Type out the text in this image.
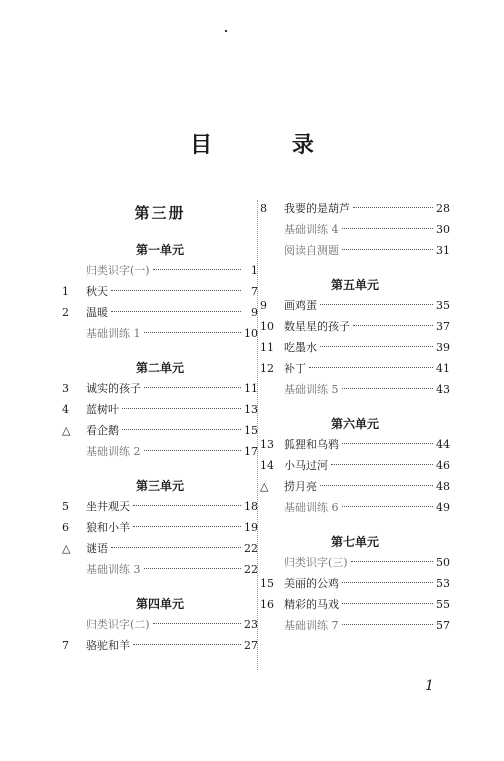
目 录
第三册
第一单元
归类识字(一)	1
1	秋天	7
2	温暖	9
基础训练 1	10
第二单元
3	诚实的孩子	11
4	蓝树叶	13
△	看企鹅	15
基础训练 2	17
第三单元
5	坐井观天	18
6	狼和小羊	19
△	谜语	22
基础训练 3	22
第四单元
归类识字(二)	23
7	骆驼和羊	27
8	我要的是葫芦	28
基础训练 4	30
阅读自测题	31
第五单元
9	画鸡蛋	35
10 数星星的孩子	37
11 吃墨水	39
12 补丁	41
基础训练 5	43
第六单元
13 狐狸和乌鸦	44
14 小马过河	46
△	捞月亮	48
基础训练 6	49
第七单元
归类识字(三)	50
15 美丽的公鸡	53
16 精彩的马戏	55
基础训练 7	57
1
